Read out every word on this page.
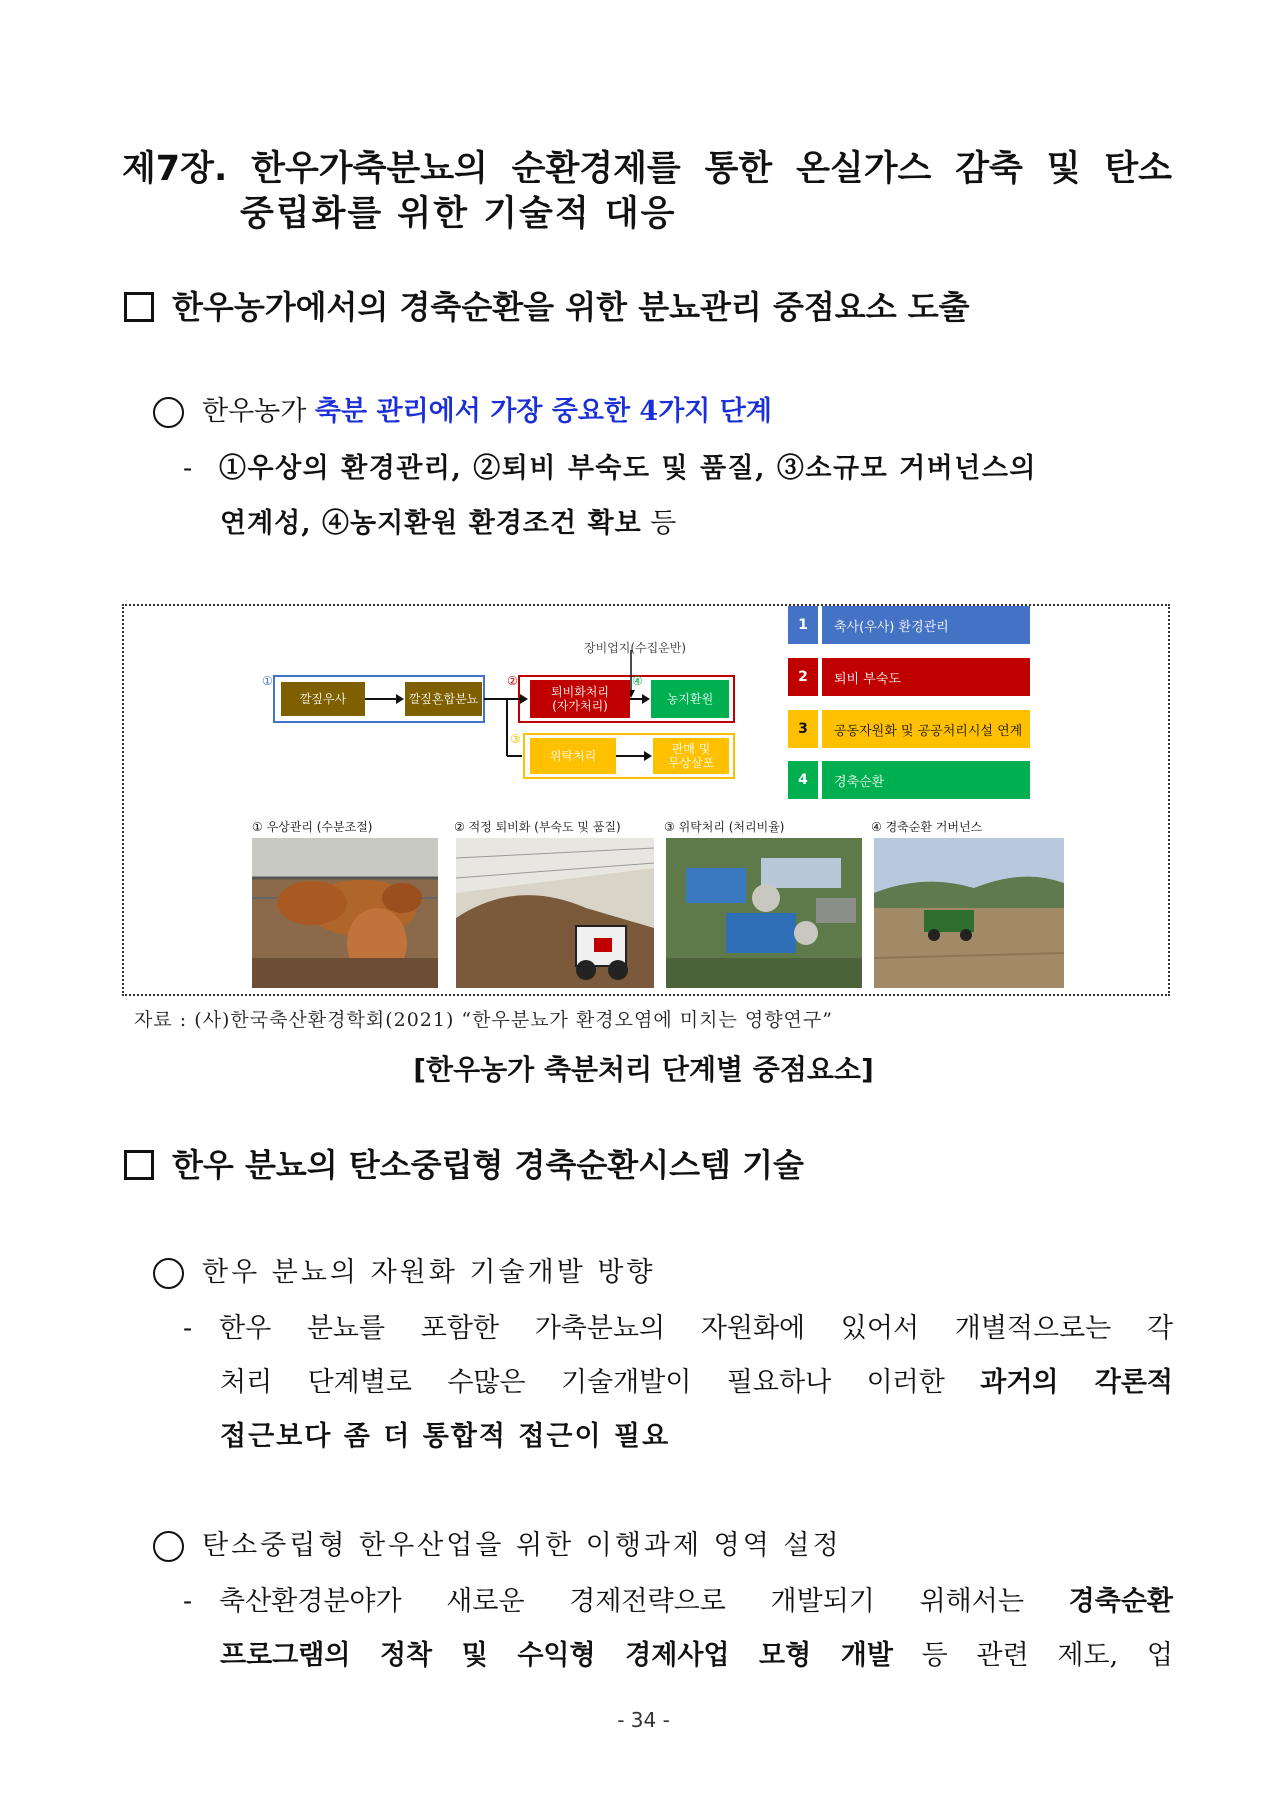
제7장. 한우가축분뇨의 순환경제를 통한 온실가스 감축 및 탄소
중립화를 위한 기술적 대응
한우농가에서의 경축순환을 위한 분뇨관리 중점요소 도출
한우농가 축분 관리에서 가장 중요한 4가지 단계
- ①우상의 환경관리, ②퇴비 부숙도 및 품질, ③소규모 거버넌스의
연계성, ④농지환원 환경조건 확보 등
장비업지(수집운반)
①	②
③
④
깔짚우사	깔짚혼합분뇨	퇴비화처리
(자가처리)	농지환원
위탁처리	판매 및
무상살포
1	축사(우사) 환경관리
2	퇴비 부숙도
3	공동자원화 및 공공처리시설 연계
4	경축순환
① 우상관리 (수분조절)	② 적정 퇴비화 (부숙도 및 품질)	③ 위탁처리 (처리비율)	④ 경축순환 거버넌스
자료 : (사)한국축산환경학회(2021) “한우분뇨가 환경오염에 미치는 영향연구”
[한우농가 축분처리 단계별 중점요소]
한우 분뇨의 탄소중립형 경축순환시스템 기술
한우 분뇨의 자원화 기술개발 방향
- 한우 분뇨를 포함한 가축분뇨의 자원화에 있어서 개별적으로는 각
처리 단계별로 수많은 기술개발이 필요하나 이러한 과거의 각론적
접근보다 좀 더 통합적 접근이 필요
탄소중립형 한우산업을 위한 이행과제 영역 설정
- 축산환경분야가 새로운 경제전략으로 개발되기 위해서는 경축순환
프로그램의 정착 및 수익형 경제사업 모형 개발 등 관련 제도, 업
- 34 -
